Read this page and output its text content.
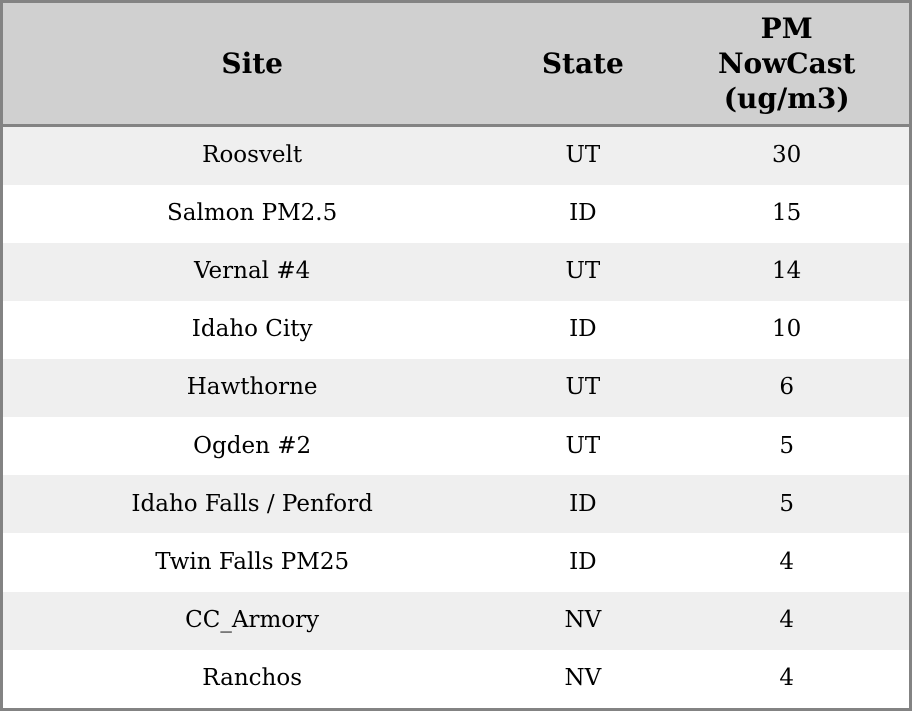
Site	State	PM NowCast (ug/m3)
Roosvelt	UT	30
Salmon PM2.5	ID	15
Vernal #4	UT	14
Idaho City	ID	10
Hawthorne	UT	6
Ogden #2	UT	5
Idaho Falls / Penford	ID	5
Twin Falls PM25	ID	4
CC_Armory	NV	4
Ranchos	NV	4
